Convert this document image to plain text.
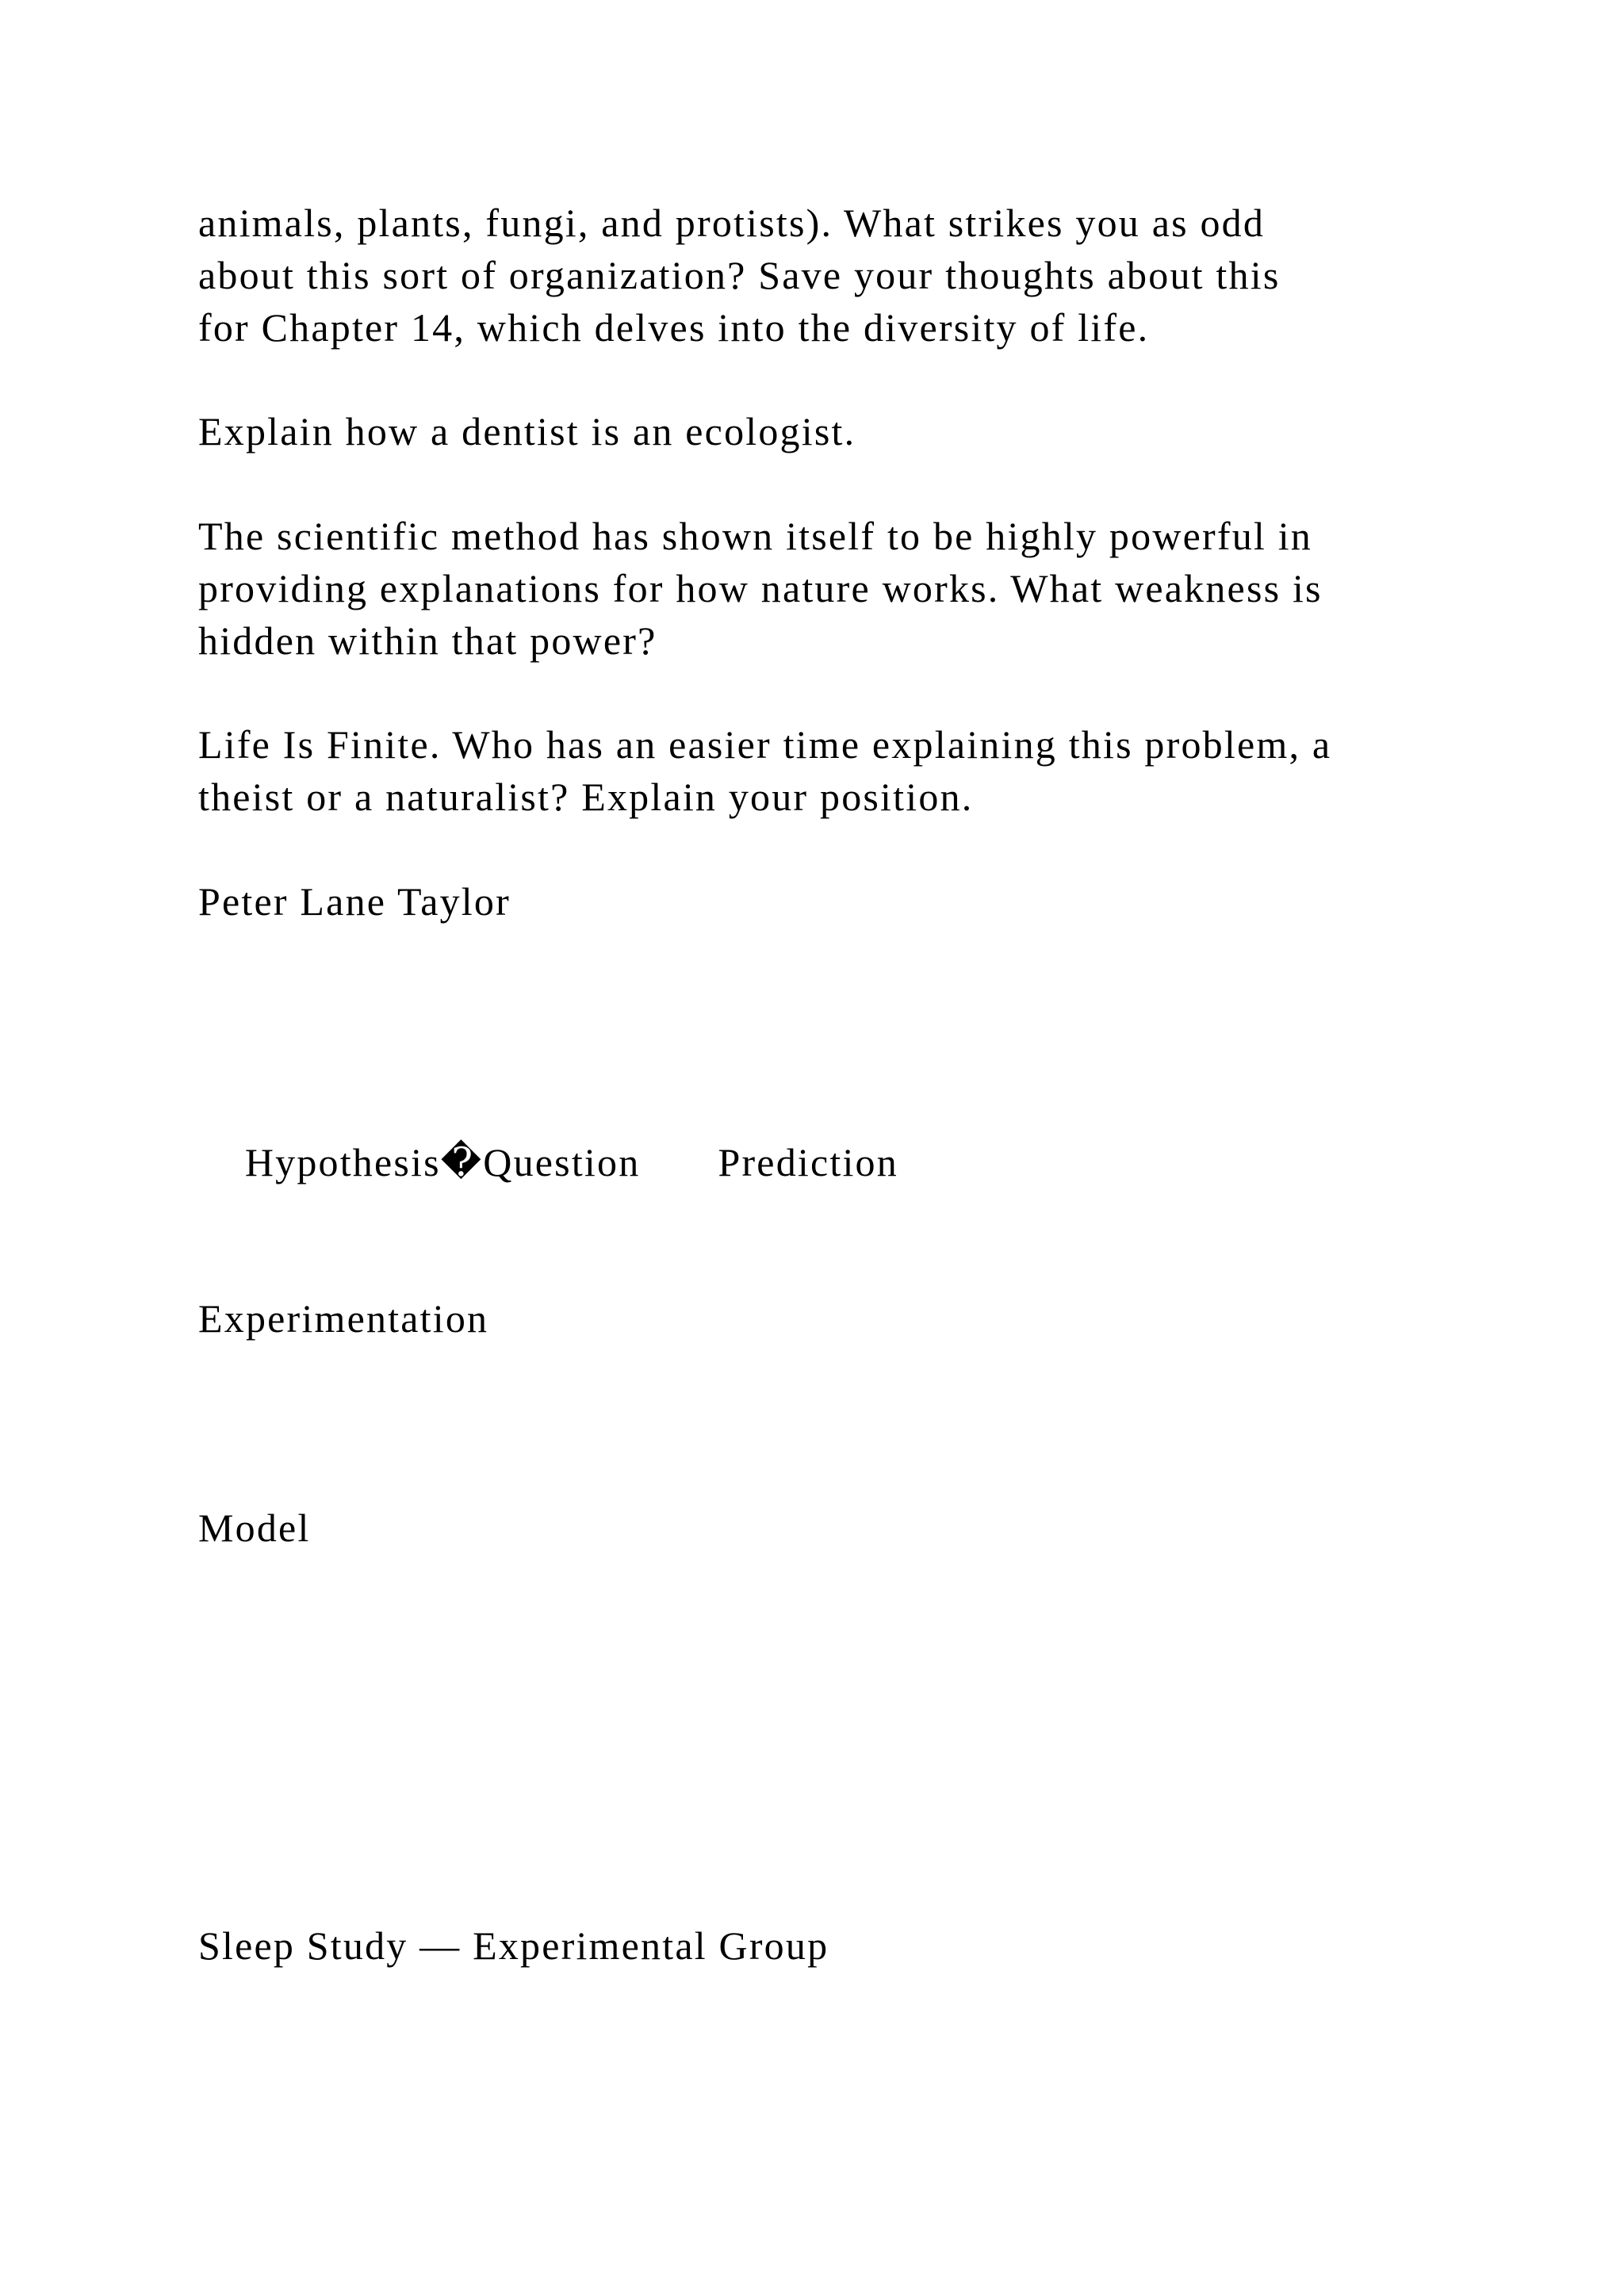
animals, plants, fungi, and protists). What strikes you as odd
about this sort of organization? Save your thoughts about this
for Chapter 14, which delves into the diversity of life.
Explain how a dentist is an ecologist.
The scientific method has shown itself to be highly powerful in
providing explanations for how nature works. What weakness is
hidden within that power?
Life Is Finite. Who has an easier time explaining this problem, a
theist or a naturalist? Explain your position.
Peter Lane Taylor

Hypothesis�Question Prediction

Experimentation
Model
Sleep Study — Experimental Group
